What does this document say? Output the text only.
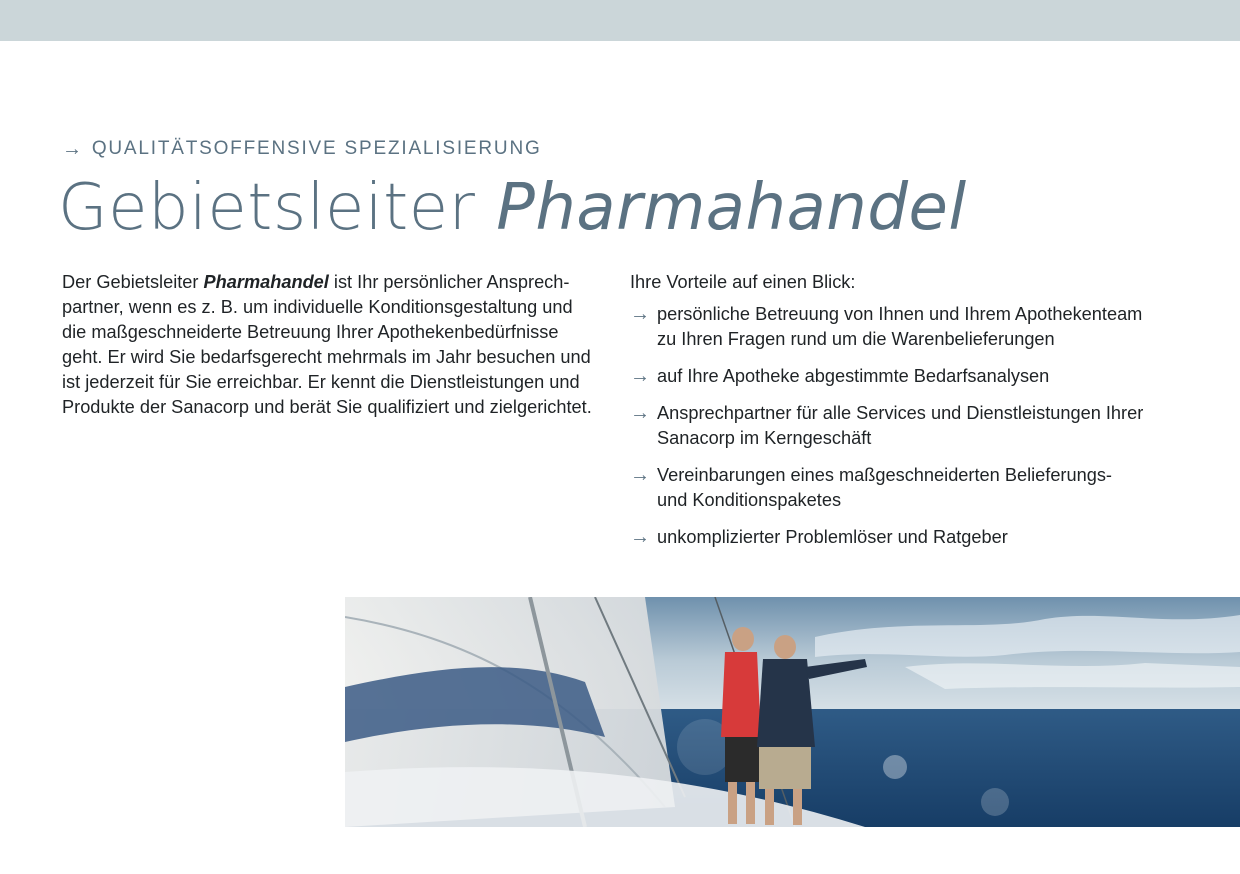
→ QUALITÄTSOFFENSIVE SPEZIALISIERUNG
Gebietsleiter Pharmahandel

Der Gebietsleiter Pharmahandel ist Ihr persönlicher Ansprech-
partner, wenn es z. B. um individuelle Konditionsgestaltung und
die maßgeschneiderte Betreuung Ihrer Apothekenbedürfnisse
geht. Er wird Sie bedarfsgerecht mehrmals im Jahr besuchen und
ist jederzeit für Sie erreichbar. Er kennt die Dienstleistungen und
Produkte der Sanacorp und berät Sie qualifiziert und zielgerichtet.

Ihre Vorteile auf einen Blick:
→ persönliche Betreuung von Ihnen und Ihrem Apothekenteam
zu Ihren Fragen rund um die Warenbelieferungen
→ auf Ihre Apotheke abgestimmte Bedarfsanalysen
→ Ansprechpartner für alle Services und Dienstleistungen Ihrer
Sanacorp im Kerngeschäft
→ Vereinbarungen eines maßgeschneiderten Belieferungs-
und Konditionspaketes
→ unkomplizierter Problemlöser und Ratgeber
